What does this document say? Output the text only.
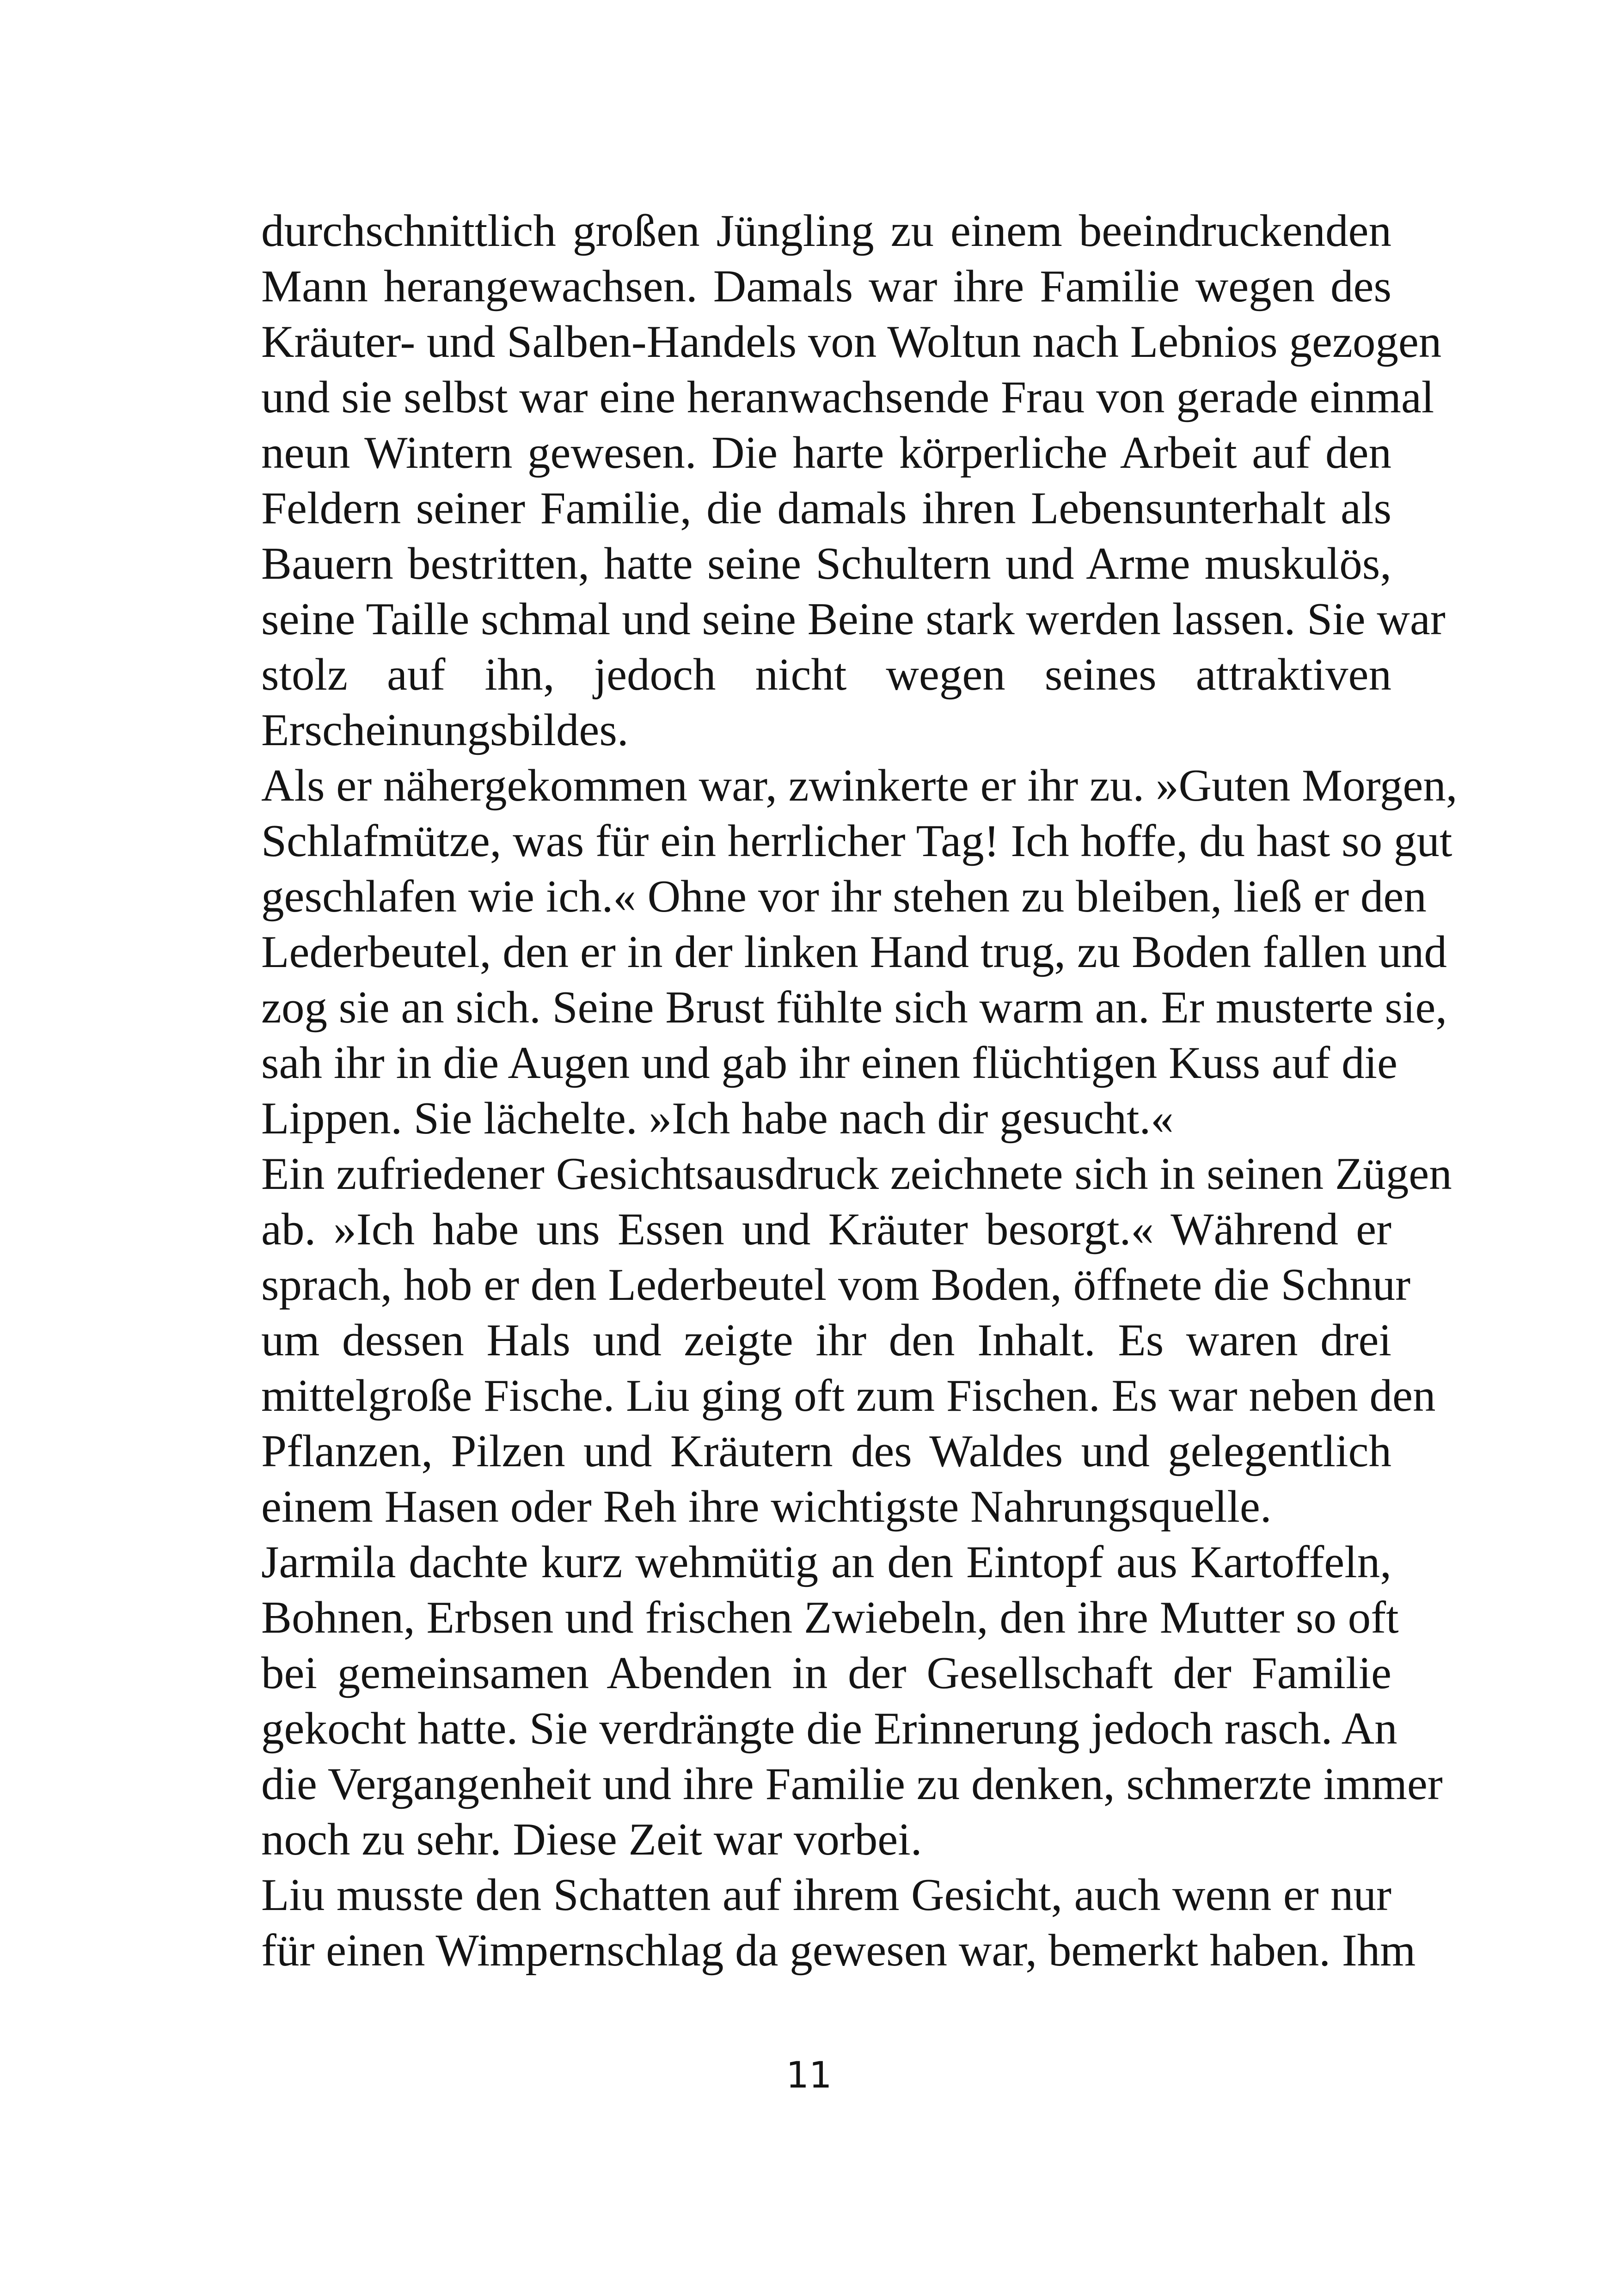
durchschnittlich großen Jüngling zu einem beeindruckenden
Mann herangewachsen. Damals war ihre Familie wegen des
Kräuter- und Salben-Handels von Woltun nach Lebnios gezogen
und sie selbst war eine heranwachsende Frau von gerade einmal
neun Wintern gewesen. Die harte körperliche Arbeit auf den
Feldern seiner Familie, die damals ihren Lebensunterhalt als
Bauern bestritten, hatte seine Schultern und Arme muskulös,
seine Taille schmal und seine Beine stark werden lassen. Sie war
stolz auf ihn, jedoch nicht wegen seines attraktiven
Erscheinungsbildes.
Als er nähergekommen war, zwinkerte er ihr zu. »Guten Morgen,
Schlafmütze, was für ein herrlicher Tag! Ich hoffe, du hast so gut
geschlafen wie ich.« Ohne vor ihr stehen zu bleiben, ließ er den
Lederbeutel, den er in der linken Hand trug, zu Boden fallen und
zog sie an sich. Seine Brust fühlte sich warm an. Er musterte sie,
sah ihr in die Augen und gab ihr einen flüchtigen Kuss auf die
Lippen. Sie lächelte. »Ich habe nach dir gesucht.«
Ein zufriedener Gesichtsausdruck zeichnete sich in seinen Zügen
ab. »Ich habe uns Essen und Kräuter besorgt.« Während er
sprach, hob er den Lederbeutel vom Boden, öffnete die Schnur
um dessen Hals und zeigte ihr den Inhalt. Es waren drei
mittelgroße Fische. Liu ging oft zum Fischen. Es war neben den
Pflanzen, Pilzen und Kräutern des Waldes und gelegentlich
einem Hasen oder Reh ihre wichtigste Nahrungsquelle.
Jarmila dachte kurz wehmütig an den Eintopf aus Kartoffeln,
Bohnen, Erbsen und frischen Zwiebeln, den ihre Mutter so oft
bei gemeinsamen Abenden in der Gesellschaft der Familie
gekocht hatte. Sie verdrängte die Erinnerung jedoch rasch. An
die Vergangenheit und ihre Familie zu denken, schmerzte immer
noch zu sehr. Diese Zeit war vorbei.
Liu musste den Schatten auf ihrem Gesicht, auch wenn er nur
für einen Wimpernschlag da gewesen war, bemerkt haben. Ihm
11
